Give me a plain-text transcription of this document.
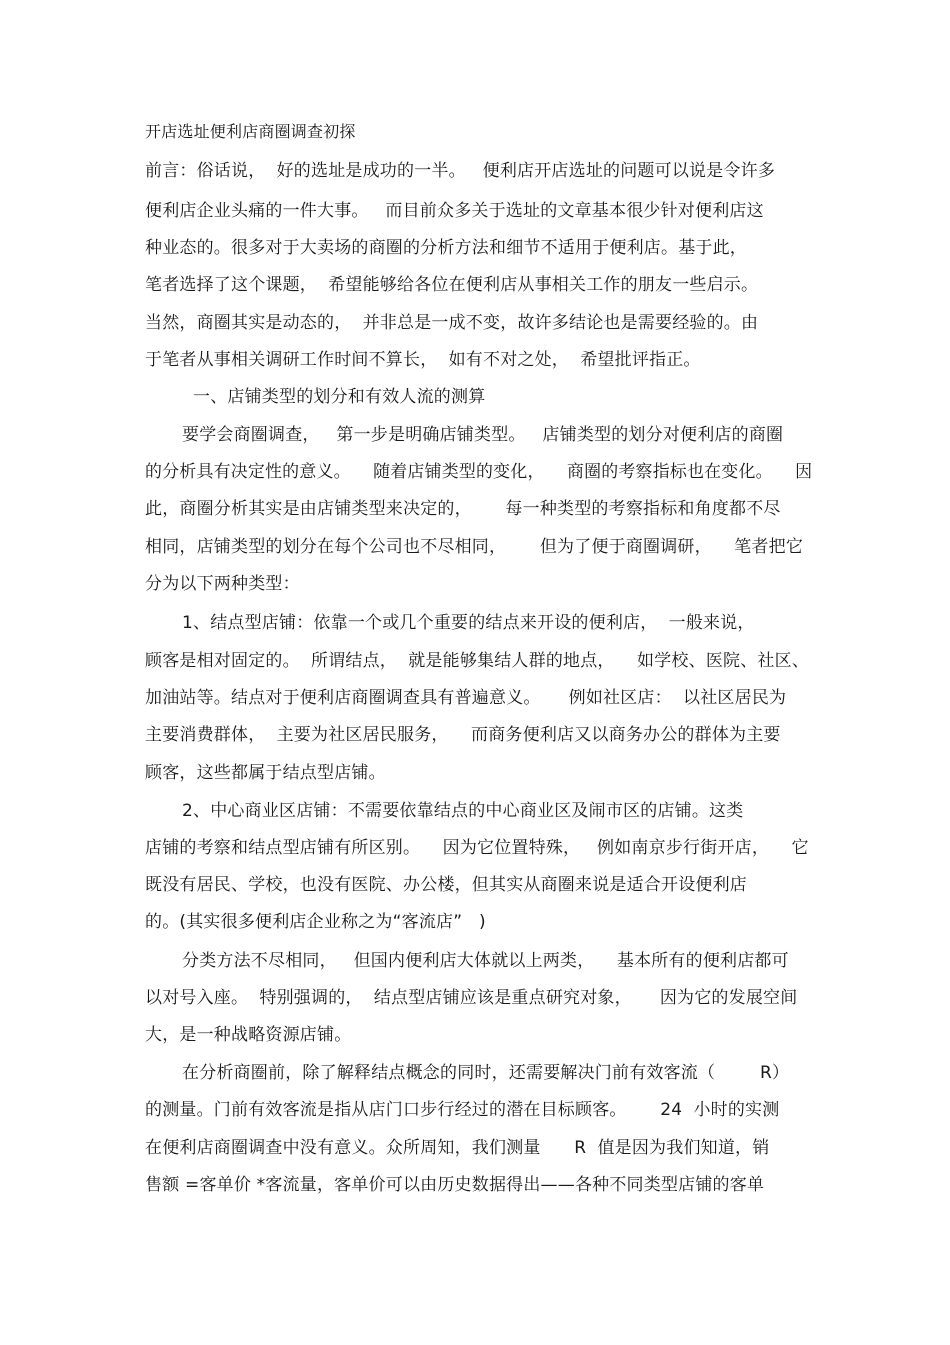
开店选址便利店商圈调查初探
前言：俗话说，  好的选址是成功的一半。   便利店开店选址的问题可以说是令许多
便利店企业头痛的一件大事。   而目前众多关于选址的文章基本很少针对便利店这
种业态的。很多对于大卖场的商圈的分析方法和细节不适用于便利店。基于此，
笔者选择了这个课题，  希望能够给各位在便利店从事相关工作的朋友一些启示。
当然，商圈其实是动态的，  并非总是一成不变，故许多结论也是需要经验的。由
于笔者从事相关调研工作时间不算长，  如有不对之处，  希望批评指正。
一、店铺类型的划分和有效人流的测算
要学会商圈调查，   第一步是明确店铺类型。   店铺类型的划分对便利店的商圈
的分析具有决定性的意义。    随着店铺类型的变化，    商圈的考察指标也在变化。    因
此，商圈分析其实是由店铺类型来决定的，      每一种类型的考察指标和角度都不尽
相同，店铺类型的划分在每个公司也不尽相同，      但为了便于商圈调研，    笔者把它
分为以下两种类型：
1、结点型店铺：依靠一个或几个重要的结点来开设的便利店，  一般来说，
顾客是相对固定的。  所谓结点，  就是能够集结人群的地点，    如学校、医院、社区、
加油站等。结点对于便利店商圈调查具有普遍意义。     例如社区店：  以社区居民为
主要消费群体，  主要为社区居民服务，    而商务便利店又以商务办公的群体为主要
顾客，这些都属于结点型店铺。
2、中心商业区店铺：不需要依靠结点的中心商业区及闹市区的店铺。这类
店铺的考察和结点型店铺有所区别。    因为它位置特殊，   例如南京步行街开店，    它
既没有居民、学校，也没有医院、办公楼，但其实从商圈来说是适合开设便利店
的。(其实很多便利店企业称之为“客流店”   )
分类方法不尽相同，   但国内便利店大体就以上两类，    基本所有的便利店都可
以对号入座。  特别强调的，  结点型店铺应该是重点研究对象，     因为它的发展空间
大，是一种战略资源店铺。
在分析商圈前，除了解释结点概念的同时，还需要解决门前有效客流（        R）
的测量。门前有效客流是指从店门口步行经过的潜在目标顾客。      24  小时的实测
在便利店商圈调查中没有意义。众所周知，我们测量      R  值是因为我们知道，销
售额 =客单价 *客流量，客单价可以由历史数据得出——各种不同类型店铺的客单
